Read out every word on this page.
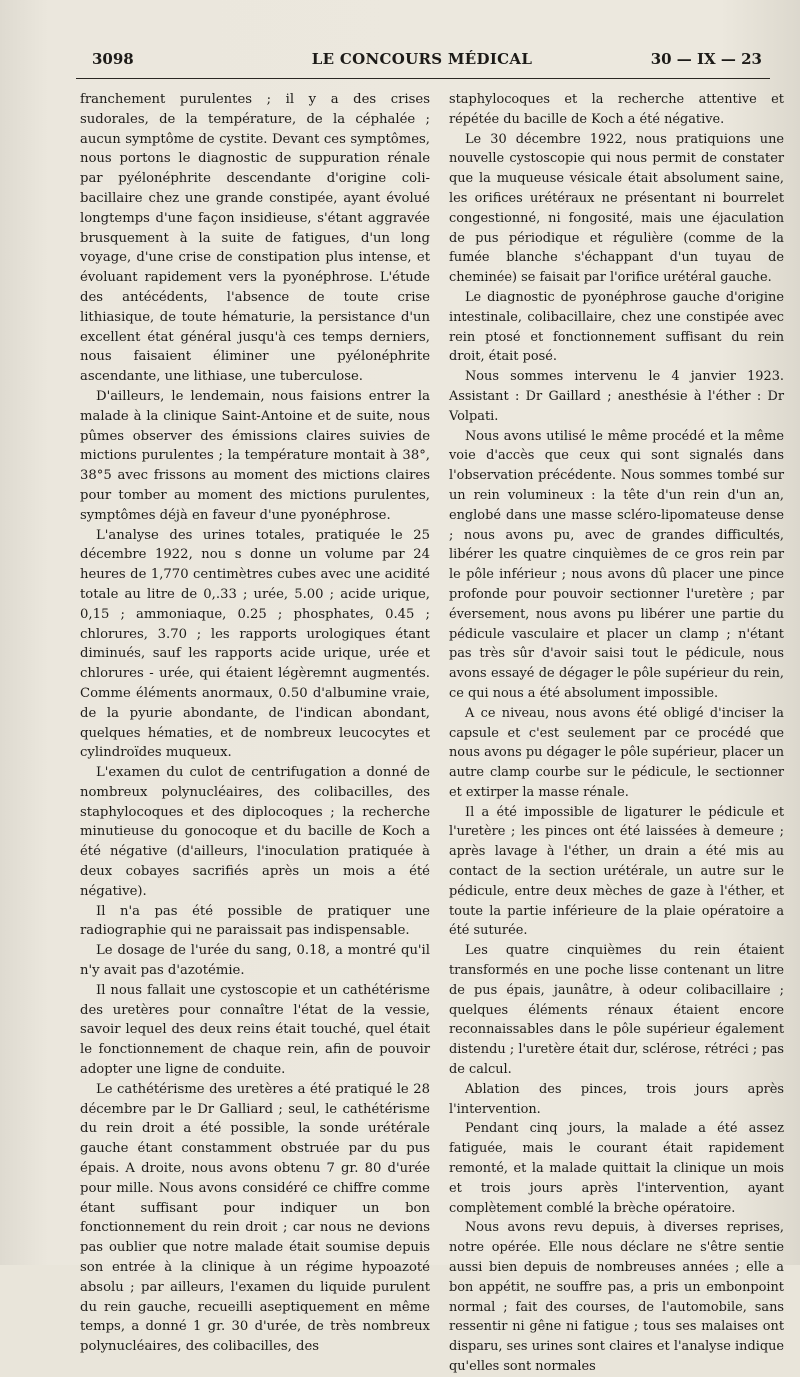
3098	LE CONCOURS MÉDICAL	30 — IX — 23

franchement purulentes ; il y a des crises sudorales, de la température, de la céphalée ; aucun symptôme de cystite. Devant ces symptômes, nous portons le diagnostic de suppuration rénale par pyélonéphrite descendante d'origine coli-bacillaire chez une grande constipée, ayant évolué longtemps d'une façon insidieuse, s'étant aggravée brusquement à la suite de fatigues, d'un long voyage, d'une crise de constipation plus intense, et évoluant rapidement vers la pyonéphrose. L'étude des antécédents, l'absence de toute crise lithiasique, de toute hématurie, la persistance d'un excellent état général jusqu'à ces temps derniers, nous faisaient éliminer une pyélonéphrite ascendante, une lithiase, une tuberculose.

D'ailleurs, le lendemain, nous faisions entrer la malade à la clinique Saint-Antoine et de suite, nous pûmes observer des émissions claires suivies de mictions purulentes ; la température montait à 38°, 38°5 avec frissons au moment des mictions claires pour tomber au moment des mictions purulentes, symptômes déjà en faveur d'une pyonéphrose.

L'analyse des urines totales, pratiquée le 25 décembre 1922, nou s donne un volume par 24 heures de 1,770 centimètres cubes avec une acidité totale au litre de 0,.33 ; urée, 5.00 ; acide urique, 0,15 ; ammoniaque, 0.25 ; phosphates, 0.45 ; chlorures, 3.70 ; les rapports urologiques étant diminués, sauf les rapports acide urique, urée et chlorures - urée, qui étaient légèremnt augmentés. Comme éléments anormaux, 0.50 d'albumine vraie, de la pyurie abondante, de l'indican abondant, quelques hématies, et de nombreux leucocytes et cylindroïdes muqueux.

L'examen du culot de centrifugation a donné de nombreux polynucléaires, des colibacilles, des staphylocoques et des diplocoques ; la recherche minutieuse du gonocoque et du bacille de Koch a été négative (d'ailleurs, l'inoculation pratiquée à deux cobayes sacrifiés après un mois a été négative).

Il n'a pas été possible de pratiquer une radiographie qui ne paraissait pas indispensable.

Le dosage de l'urée du sang, 0.18, a montré qu'il n'y avait pas d'azotémie.

Il nous fallait une cystoscopie et un cathétérisme des uretères pour connaître l'état de la vessie, savoir lequel des deux reins était touché, quel était le fonctionnement de chaque rein, afin de pouvoir adopter une ligne de conduite.

Le cathétérisme des uretères a été pratiqué le 28 décembre par le Dr Galliard ; seul, le cathétérisme du rein droit a été possible, la sonde urétérale gauche étant constamment obstruée par du pus épais. A droite, nous avons obtenu 7 gr. 80 d'urée pour mille. Nous avons considéré ce chiffre comme étant suffisant pour indiquer un bon fonctionnement du rein droit ; car nous ne devions pas oublier que notre malade était soumise depuis son entrée à la clinique à un régime hypoazoté absolu ; par ailleurs, l'examen du liquide purulent du rein gauche, recueilli aseptiquement en même temps, a donné 1 gr. 30 d'urée, de très nombreux polynucléaires, des colibacilles, des

staphylocoques et la recherche attentive et répétée du bacille de Koch a été négative.

Le 30 décembre 1922, nous pratiquions une nouvelle cystoscopie qui nous permit de constater que la muqueuse vésicale était absolument saine, les orifices urétéraux ne présentant ni bourrelet congestionné, ni fongosité, mais une éjaculation de pus périodique et régulière (comme de la fumée blanche s'échappant d'un tuyau de cheminée) se faisait par l'orifice urétéral gauche.

Le diagnostic de pyonéphrose gauche d'origine intestinale, colibacillaire, chez une constipée avec rein ptosé et fonctionnement suffisant du rein droit, était posé.

Nous sommes intervenu le 4 janvier 1923. Assistant : Dr Gaillard ; anesthésie à l'éther : Dr Volpati.

Nous avons utilisé le même procédé et la même voie d'accès que ceux qui sont signalés dans l'observation précédente. Nous sommes tombé sur un rein volumineux : la tête d'un rein d'un an, englobé dans une masse scléro-lipomateuse dense ; nous avons pu, avec de grandes difficultés, libérer les quatre cinquièmes de ce gros rein par le pôle inférieur ; nous avons dû placer une pince profonde pour pouvoir sectionner l'uretère ; par éversement, nous avons pu libérer une partie du pédicule vasculaire et placer un clamp ; n'étant pas très sûr d'avoir saisi tout le pédicule, nous avons essayé de dégager le pôle supérieur du rein, ce qui nous a été absolument impossible.

A ce niveau, nous avons été obligé d'inciser la capsule et c'est seulement par ce procédé que nous avons pu dégager le pôle supérieur, placer un autre clamp courbe sur le pédicule, le sectionner et extirper la masse rénale.

Il a été impossible de ligaturer le pédicule et l'uretère ; les pinces ont été laissées à demeure ; après lavage à l'éther, un drain a été mis au contact de la section urétérale, un autre sur le pédicule, entre deux mèches de gaze à l'éther, et toute la partie inférieure de la plaie opératoire a été suturée.

Les quatre cinquièmes du rein étaient transformés en une poche lisse contenant un litre de pus épais, jaunâtre, à odeur colibacillaire ; quelques éléments rénaux étaient encore reconnaissables dans le pôle supérieur également distendu ; l'uretère était dur, sclérose, rétréci ; pas de calcul.

Ablation des pinces, trois jours après l'intervention.

Pendant cinq jours, la malade a été assez fatiguée, mais le courant était rapidement remonté, et la malade quittait la clinique un mois et trois jours après l'intervention, ayant complètement comblé la brèche opératoire.

Nous avons revu depuis, à diverses reprises, notre opérée. Elle nous déclare ne s'être sentie aussi bien depuis de nombreuses années ; elle a bon appétit, ne souffre pas, a pris un embonpoint normal ; fait des courses, de l'automobile, sans ressentir ni gêne ni fatigue ; tous ses malaises ont disparu, ses urines sont claires et l'analyse indique qu'elles sont normales
